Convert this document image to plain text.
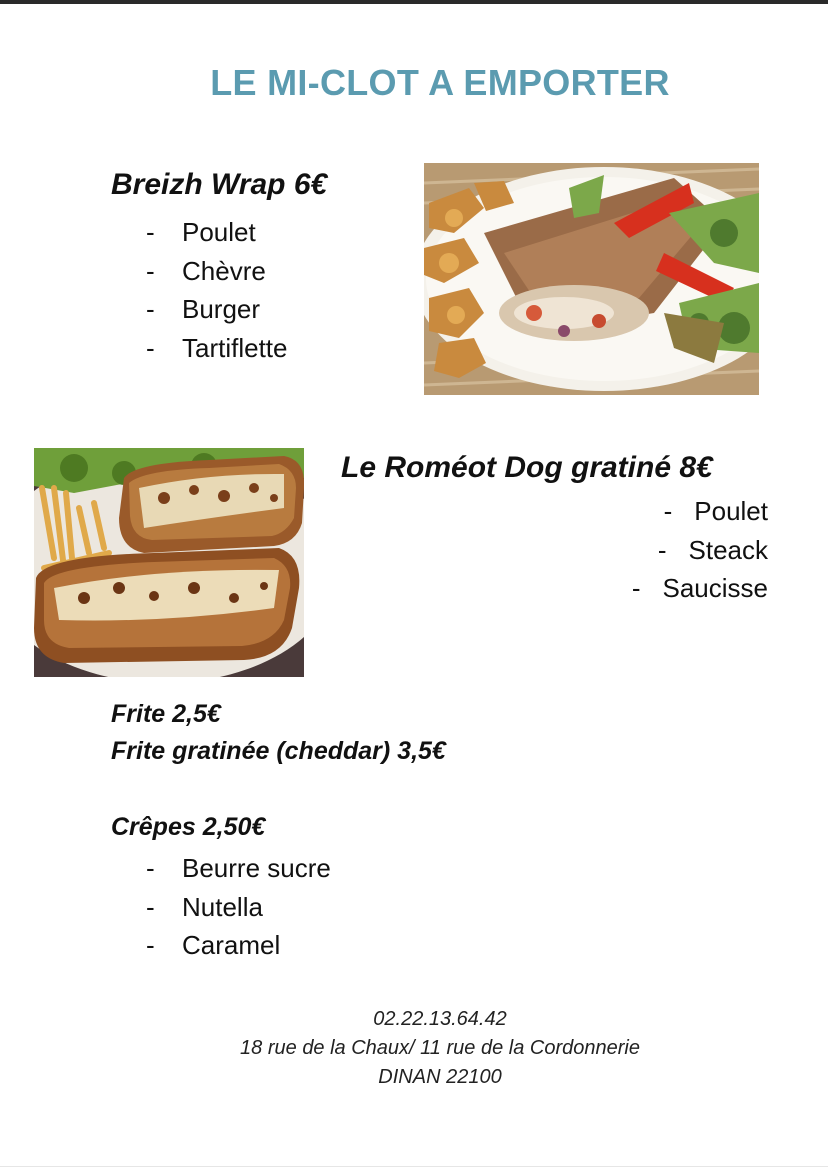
LE MI-CLOT A EMPORTER
Breizh Wrap 6€
- Poulet
- Chèvre
- Burger
- Tartiflette
Le Roméot Dog gratiné 8€
- Poulet
- Steack
- Saucisse
Frite 2,5€
Frite gratinée (cheddar) 3,5€
Crêpes 2,50€
- Beurre sucre
- Nutella
- Caramel
02.22.13.64.42
18 rue de la Chaux/ 11 rue de la Cordonnerie
DINAN 22100
